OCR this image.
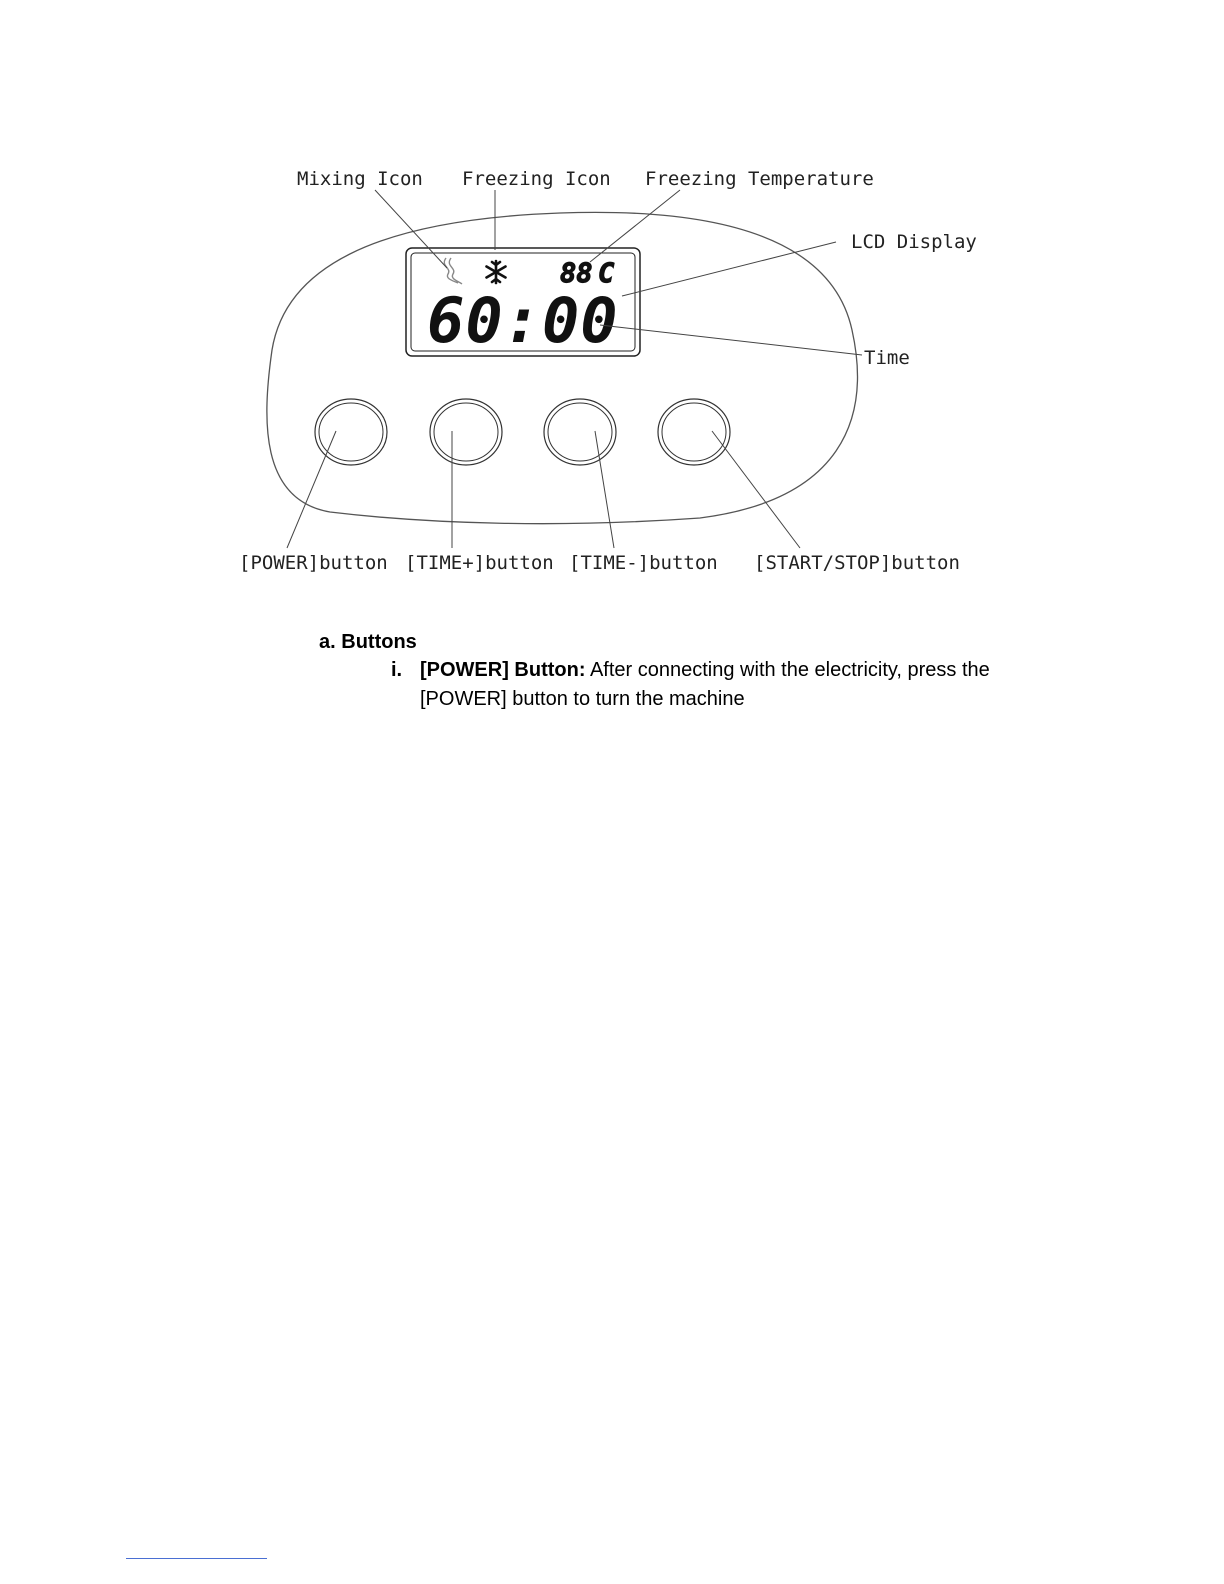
88 C
60:00
Mixing Icon Freezing Icon Freezing Temperature
LCD Display
Time
[POWER]button [TIME+]button [TIME-]button [START/STOP]button
a. Buttons
i. [POWER] Button: After connecting with the electricity, press the [POWER] button to turn the machine
